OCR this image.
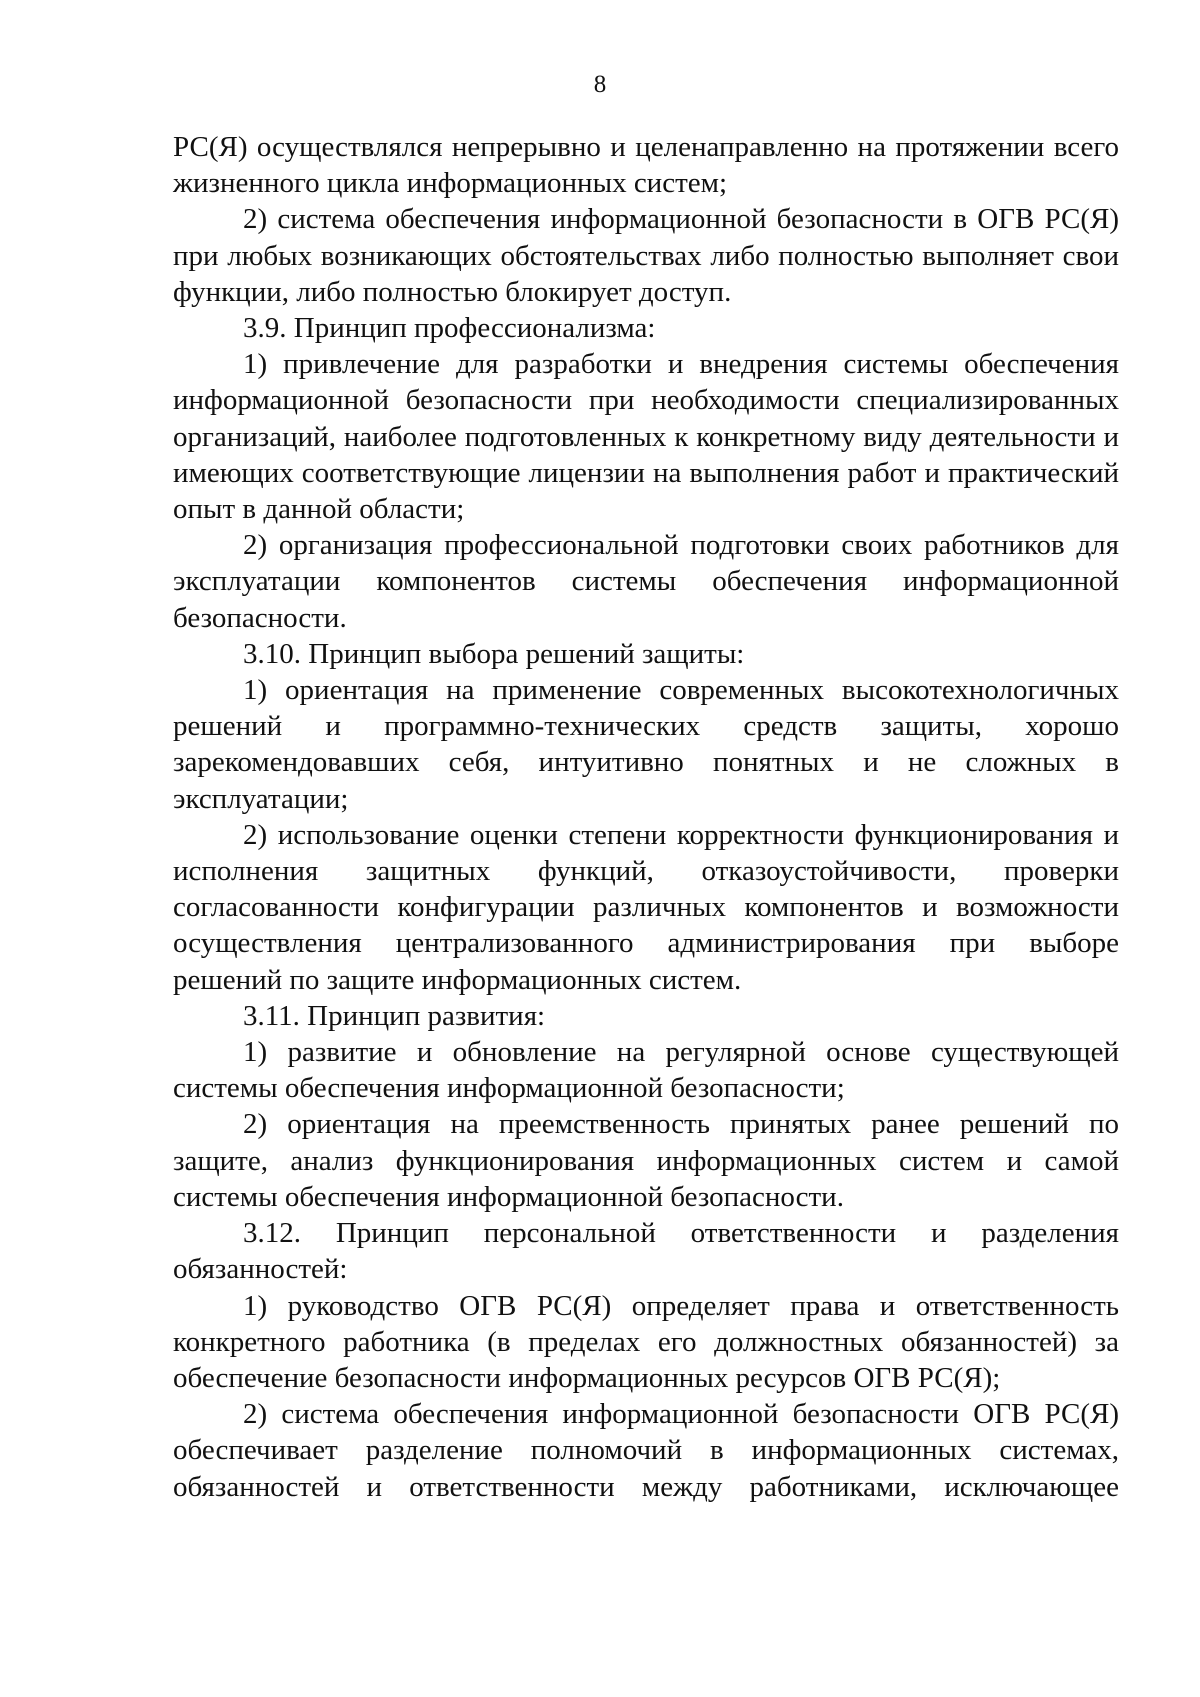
8

РС(Я) осуществлялся непрерывно и целенаправленно на протяжении всего жизненного цикла информационных систем;

2) система обеспечения информационной безопасности в ОГВ РС(Я) при любых возникающих обстоятельствах либо полностью выполняет свои функции, либо полностью блокирует доступ.

3.9. Принцип профессионализма:

1) привлечение для разработки и внедрения системы обеспечения информационной безопасности при необходимости специализированных организаций, наиболее подготовленных к конкретному виду деятельности и имеющих соответствующие лицензии на выполнения работ и практический опыт в данной области;

2) организация профессиональной подготовки своих работников для эксплуатации компонентов системы обеспечения информационной безопасности.

3.10. Принцип выбора решений защиты:

1) ориентация на применение современных высокотехнологичных решений и программно-технических средств защиты, хорошо зарекомендовавших себя, интуитивно понятных и не сложных в эксплуатации;

2) использование оценки степени корректности функционирования и исполнения защитных функций, отказоустойчивости, проверки согласованности конфигурации различных компонентов и возможности осуществления централизованного администрирования при выборе решений по защите информационных систем.

3.11. Принцип развития:

1) развитие и обновление на регулярной основе существующей системы обеспечения информационной безопасности;

2) ориентация на преемственность принятых ранее решений по защите, анализ функционирования информационных систем и самой системы обеспечения информационной безопасности.

3.12. Принцип персональной ответственности и разделения обязанностей:

1) руководство ОГВ РС(Я) определяет права и ответственность конкретного работника (в пределах его должностных обязанностей) за обеспечение безопасности информационных ресурсов ОГВ РС(Я);

2) система обеспечения информационной безопасности ОГВ РС(Я) обеспечивает разделение полномочий в информационных системах, обязанностей и ответственности между работниками, исключающее
